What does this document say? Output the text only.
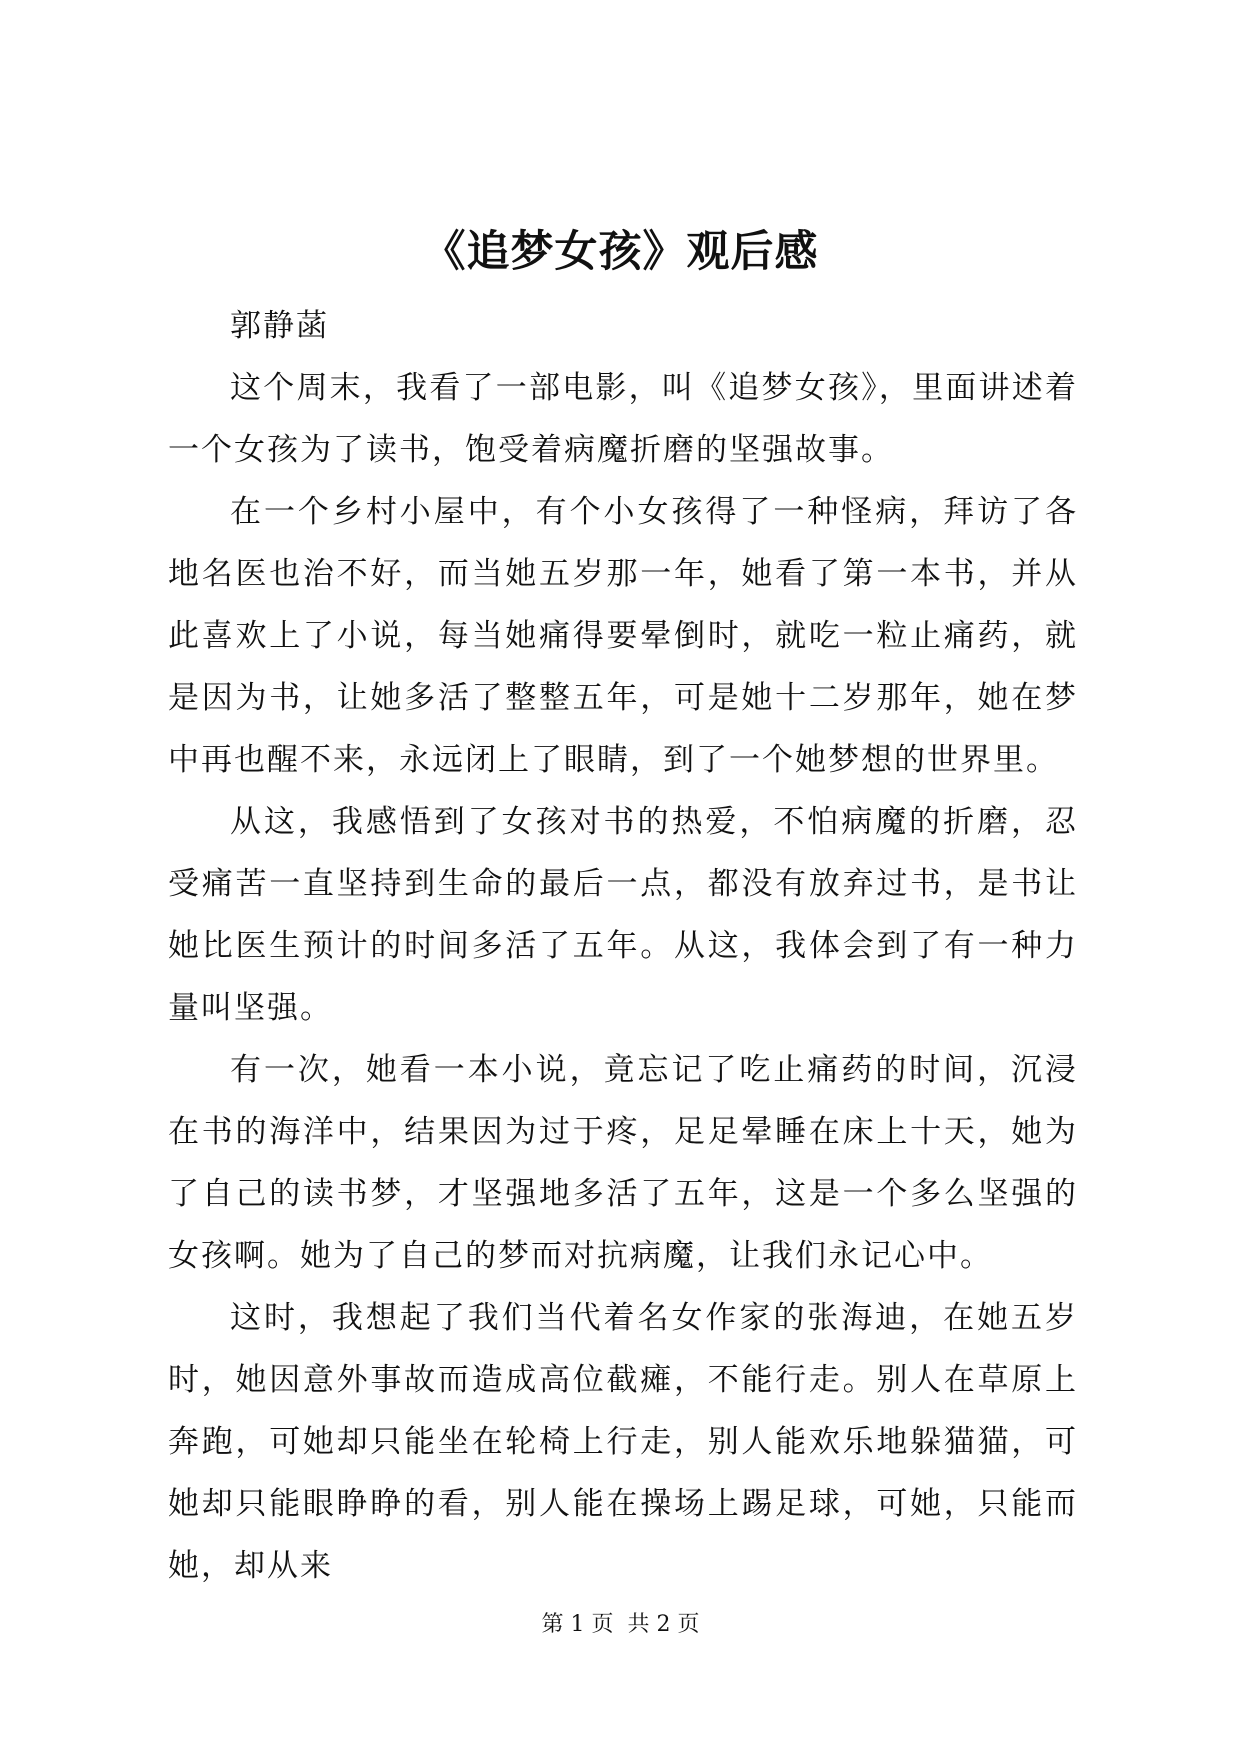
《追梦女孩》观后感

郭静菡

这个周末，我看了一部电影，叫《追梦女孩》，里面讲述着一个女孩为了读书，饱受着病魔折磨的坚强故事。

在一个乡村小屋中，有个小女孩得了一种怪病，拜访了各地名医也治不好，而当她五岁那一年，她看了第一本书，并从此喜欢上了小说，每当她痛得要晕倒时，就吃一粒止痛药，就是因为书，让她多活了整整五年，可是她十二岁那年，她在梦中再也醒不来，永远闭上了眼睛，到了一个她梦想的世界里。

从这，我感悟到了女孩对书的热爱，不怕病魔的折磨，忍受痛苦一直坚持到生命的最后一点，都没有放弃过书，是书让她比医生预计的时间多活了五年。从这，我体会到了有一种力量叫坚强。

有一次，她看一本小说，竟忘记了吃止痛药的时间，沉浸在书的海洋中，结果因为过于疼，足足晕睡在床上十天，她为了自己的读书梦，才坚强地多活了五年，这是一个多么坚强的女孩啊。她为了自己的梦而对抗病魔，让我们永记心中。

这时，我想起了我们当代着名女作家的张海迪，在她五岁时，她因意外事故而造成高位截瘫，不能行走。别人在草原上奔跑，可她却只能坐在轮椅上行走，别人能欢乐地躲猫猫，可她却只能眼睁睁的看，别人能在操场上踢足球，可她，只能而她，却从来

第 1 页  共 2 页
